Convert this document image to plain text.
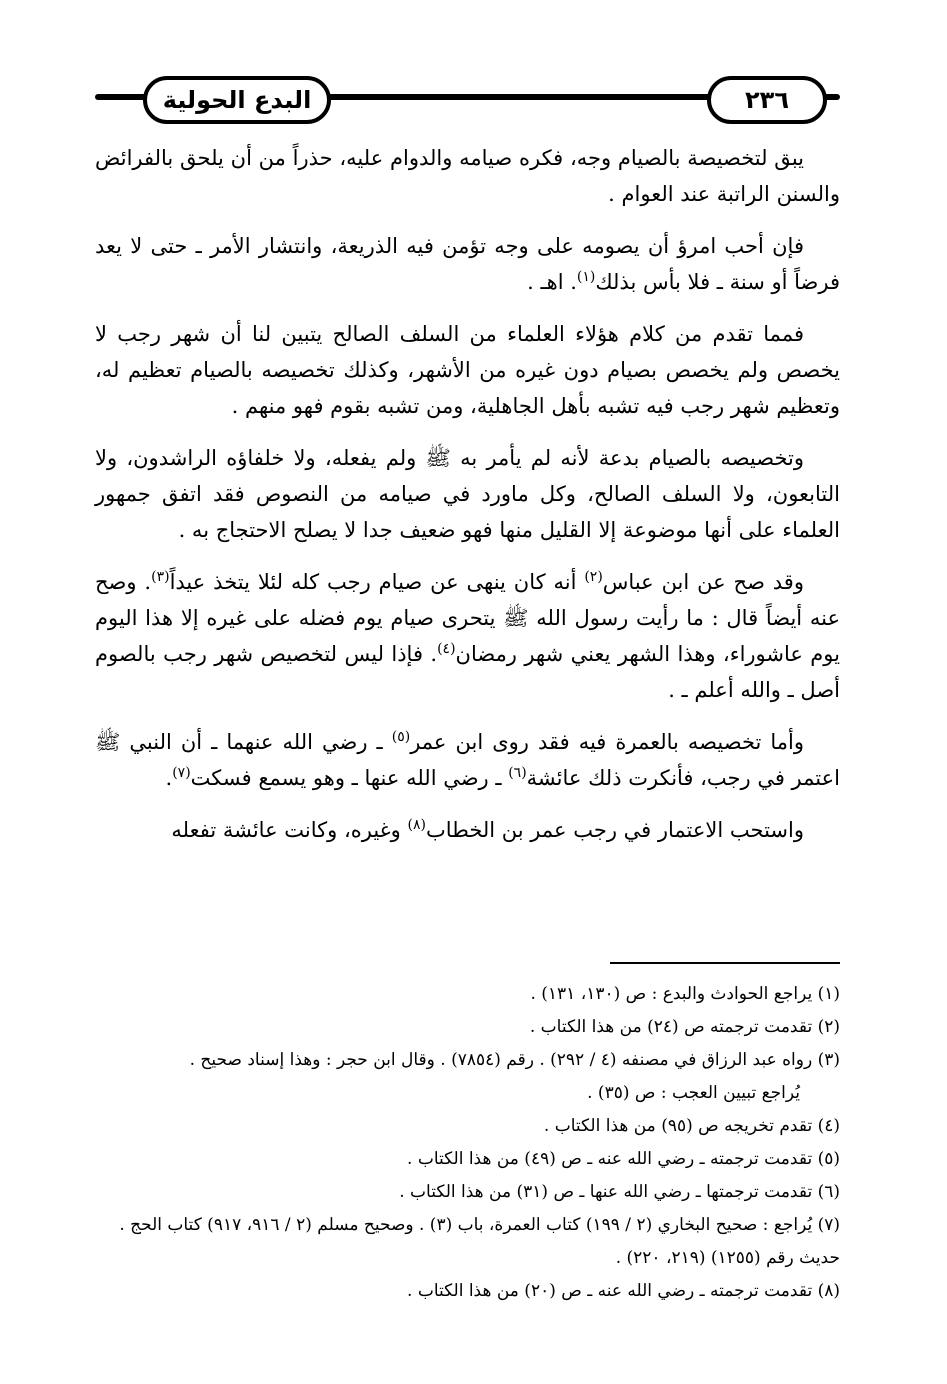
البدع الحولية	٢٣٦

يبق لتخصيصة بالصيام وجه، فكره صيامه والدوام عليه، حذراً من أن يلحق بالفرائض والسنن الراتبة عند العوام .

فإن أحب امرؤ أن يصومه على وجه تؤمن فيه الذريعة، وانتشار الأمر ـ حتى لا يعد فرضاً أو سنة ـ فلا بأس بذلك$^{(١)}$. اهـ .

فمما تقدم من كلام هؤلاء العلماء من السلف الصالح يتبين لنا أن شهر رجب لا يخصص ولم يخصص بصيام دون غيره من الأشهر، وكذلك تخصيصه بالصيام تعظيم له، وتعظيم شهر رجب فيه تشبه بأهل الجاهلية، ومن تشبه بقوم فهو منهم .

وتخصيصه بالصيام بدعة لأنه لم يأمر به ﷺ ولم يفعله، ولا خلفاؤه الراشدون، ولا التابعون، ولا السلف الصالح، وكل ماورد في صيامه من النصوص فقد اتفق جمهور العلماء على أنها موضوعة إلا القليل منها فهو ضعيف جدا لا يصلح الاحتجاج به .

وقد صح عن ابن عباس$^{(٢)}$ أنه كان ينهى عن صيام رجب كله لئلا يتخذ عيداً$^{(٣)}$. وصح عنه أيضاً قال : ما رأيت رسول الله ﷺ يتحرى صيام يوم فضله على غيره إلا هذا اليوم يوم عاشوراء، وهذا الشهر يعني شهر رمضان$^{(٤)}$. فإذا ليس لتخصيص شهر رجب بالصوم أصل ـ والله أعلم ـ .

وأما تخصيصه بالعمرة فيه فقد روى ابن عمر$^{(٥)}$ ـ رضي الله عنهما ـ أن النبي ﷺ اعتمر في رجب، فأنكرت ذلك عائشة$^{(٦)}$ ـ رضي الله عنها ـ وهو يسمع فسكت$^{(٧)}$.

واستحب الاعتمار في رجب عمر بن الخطاب$^{(٨)}$ وغيره، وكانت عائشة تفعله

(١) يراجع الحوادث والبدع : ص (١٣٠، ١٣١) .
(٢) تقدمت ترجمته ص (٢٤) من هذا الكتاب .
(٣) رواه عبد الرزاق في مصنفه (٤ / ٢٩٢) . رقم (٧٨٥٤) . وقال ابن حجر : وهذا إسناد صحيح .
يُراجع تبيين العجب : ص (٣٥) .
(٤) تقدم تخريجه ص (٩٥) من هذا الكتاب .
(٥) تقدمت ترجمته ـ رضي الله عنه ـ ص (٤٩) من هذا الكتاب .
(٦) تقدمت ترجمتها ـ رضي الله عنها ـ ص (٣١) من هذا الكتاب .
(٧) يُراجع : صحيح البخاري (٢ / ١٩٩) كتاب العمرة، باب (٣) . وصحيح مسلم (٢ / ٩١٦، ٩١٧) كتاب الحج . حديث رقم (١٢٥٥) (٢١٩، ٢٢٠) .
(٨) تقدمت ترجمته ـ رضي الله عنه ـ ص (٢٠) من هذا الكتاب .
